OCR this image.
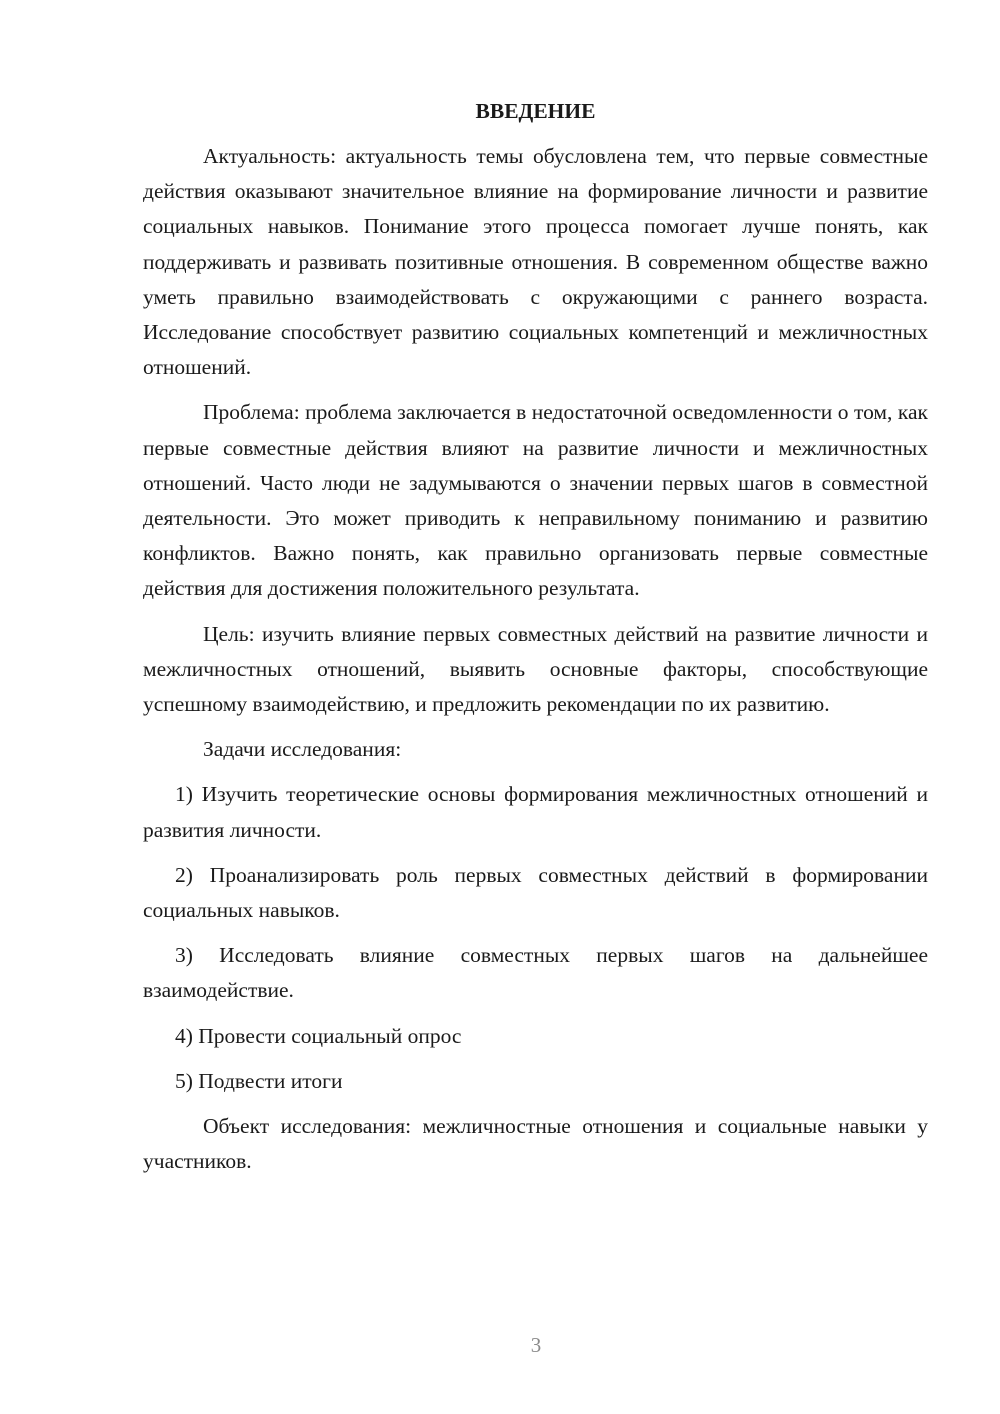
ВВЕДЕНИЕ

Актуальность: актуальность темы обусловлена тем, что первые совместные действия оказывают значительное влияние на формирование личности и развитие социальных навыков. Понимание этого процесса помогает лучше понять, как поддерживать и развивать позитивные отношения. В современном обществе важно уметь правильно взаимодействовать с окружающими с раннего возраста. Исследование способствует развитию социальных компетенций и межличностных отношений.

Проблема: проблема заключается в недостаточной осведомленности о том, как первые совместные действия влияют на развитие личности и межличностных отношений. Часто люди не задумываются о значении первых шагов в совместной деятельности. Это может приводить к неправильному пониманию и развитию конфликтов. Важно понять, как правильно организовать первые совместные действия для достижения положительного результата.

Цель: изучить влияние первых совместных действий на развитие личности и межличностных отношений, выявить основные факторы, способствующие успешному взаимодействию, и предложить рекомендации по их развитию.

Задачи исследования:

1) Изучить теоретические основы формирования межличностных отношений и развития личности.

2) Проанализировать роль первых совместных действий в формировании социальных навыков.

3) Исследовать влияние совместных первых шагов на дальнейшее взаимодействие.

4) Провести социальный опрос

5) Подвести итоги

Объект исследования: межличностные отношения и социальные навыки у участников.

3
